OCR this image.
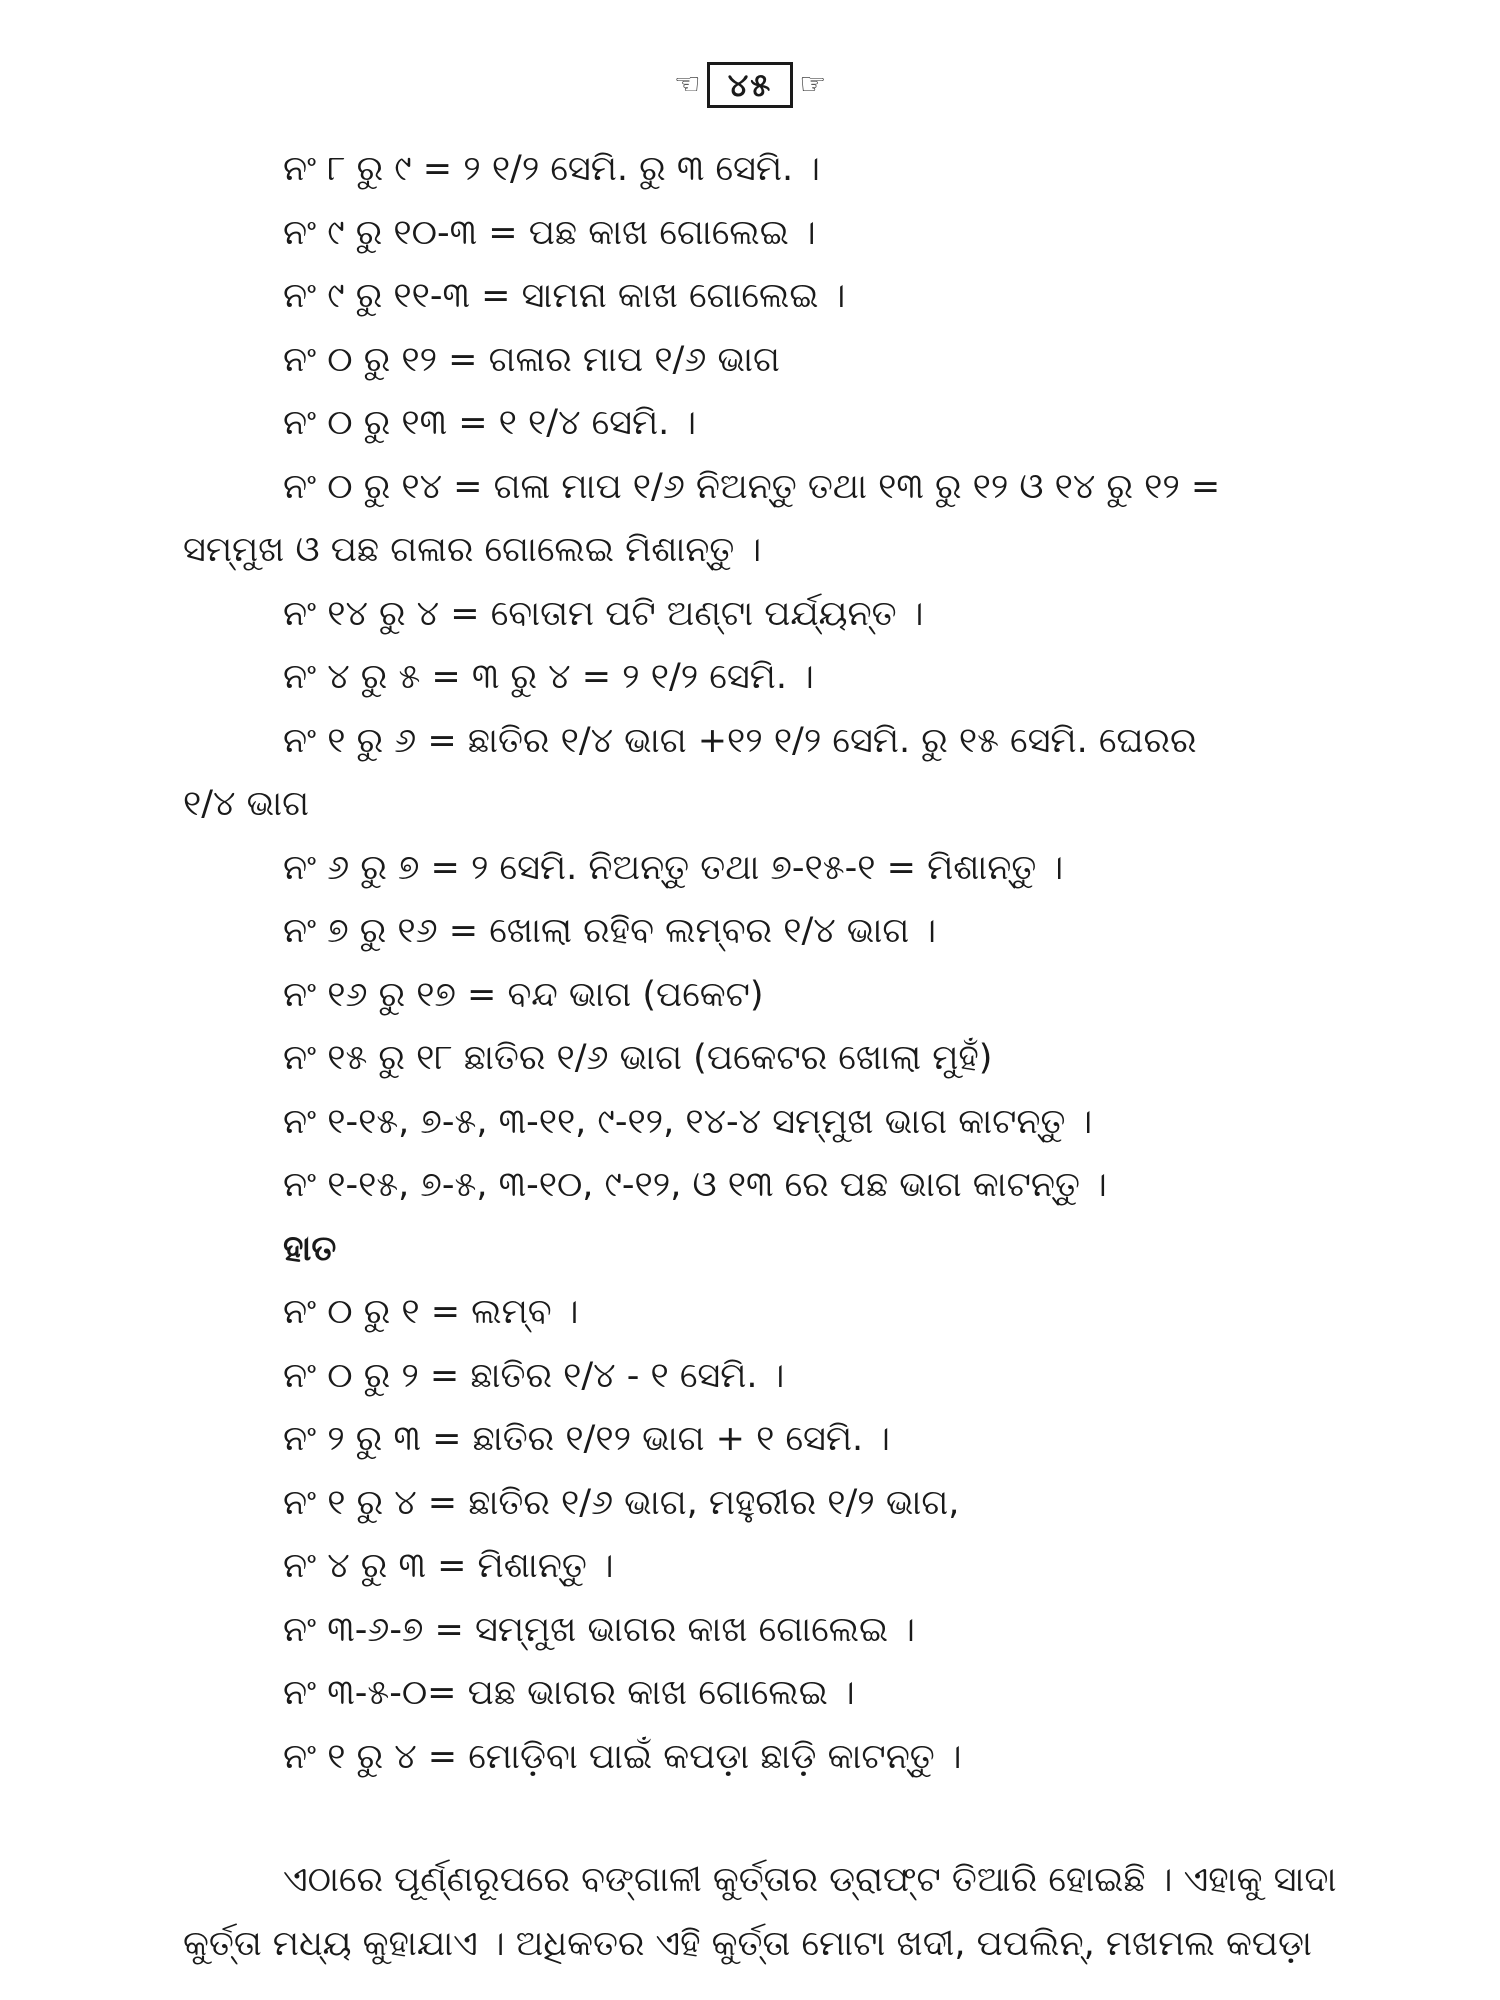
☜ ୪୫ ☞
ନଂ ୮ ରୁ ୯ = ୨ ୧/୨ ସେମି. ରୁ ୩ ସେମି. ।
ନଂ ୯ ରୁ ୧୦-୩ = ପଛ କାଖ ଗୋଲେଇ ।
ନଂ ୯ ରୁ ୧୧-୩ = ସାମନା କାଖ ଗୋଲେଇ ।
ନଂ ୦ ରୁ ୧୨ = ଗଳାର ମାପ ୧/୬ ଭାଗ
ନଂ ୦ ରୁ ୧୩ = ୧ ୧/୪ ସେମି. ।
ନଂ ୦ ରୁ ୧୪ = ଗଳା ମାପ ୧/୬ ନିଅନ୍ତୁ ତଥା ୧୩ ରୁ ୧୨ ଓ ୧୪ ରୁ ୧୨ =
ସମ୍ମୁଖ ଓ ପଛ ଗଳାର ଗୋଲେଇ ମିଶାନ୍ତୁ ।
ନଂ ୧୪ ରୁ ୪ = ବୋତାମ ପଟି ଅଣ୍ଟା ପର୍ଯ୍ୟନ୍ତ ।
ନଂ ୪ ରୁ ୫ = ୩ ରୁ ୪ = ୨ ୧/୨ ସେମି. ।
ନଂ ୧ ରୁ ୬ = ଛାତିର ୧/୪ ଭାଗ +୧୨ ୧/୨ ସେମି. ରୁ ୧୫ ସେମି. ଘେରର
୧/୪ ଭାଗ
ନଂ ୬ ରୁ ୭ = ୨ ସେମି. ନିଅନ୍ତୁ ତଥା ୭-୧୫-୧ = ମିଶାନ୍ତୁ ।
ନଂ ୭ ରୁ ୧୬ = ଖୋଲା ରହିବ ଲମ୍ବର ୧/୪ ଭାଗ ।
ନଂ ୧୬ ରୁ ୧୭ = ବନ୍ଦ ଭାଗ (ପକେଟ)
ନଂ ୧୫ ରୁ ୧୮ ଛାତିର ୧/୬ ଭାଗ (ପକେଟର ଖୋଲା ମୁହଁ)
ନଂ ୧-୧୫, ୭-୫, ୩-୧୧, ୯-୧୨, ୧୪-୪ ସମ୍ମୁଖ ଭାଗ କାଟନ୍ତୁ ।
ନଂ ୧-୧୫, ୭-୫, ୩-୧୦, ୯-୧୨, ଓ ୧୩ ରେ ପଛ ଭାଗ କାଟନ୍ତୁ ।
ହାତ
ନଂ ୦ ରୁ ୧ = ଲମ୍ବ ।
ନଂ ୦ ରୁ ୨ = ଛାତିର ୧/୪ - ୧ ସେମି. ।
ନଂ ୨ ରୁ ୩ = ଛାତିର ୧/୧୨ ଭାଗ + ୧ ସେମି. ।
ନଂ ୧ ରୁ ୪ = ଛାତିର ୧/୬ ଭାଗ, ମହୁରୀର ୧/୨ ଭାଗ,
ନଂ ୪ ରୁ ୩ = ମିଶାନ୍ତୁ ।
ନଂ ୩-୬-୭ = ସମ୍ମୁଖ ଭାଗର କାଖ ଗୋଲେଇ ।
ନଂ ୩-୫-୦= ପଛ ଭାଗର କାଖ ଗୋଲେଇ ।
ନଂ ୧ ରୁ ୪ = ମୋଡ଼ିବା ପାଇଁ କପଡ଼ା ଛାଡ଼ି କାଟନ୍ତୁ ।
ଏଠାରେ ପୂର୍ଣ୍ଣରୂପରେ ବଙ୍ଗାଳୀ କୁର୍ତ୍ତାର ଡ୍ରାଫ୍ଟ ତିଆରି ହୋଇଛି । ଏହାକୁ ସାଦା
କୁର୍ତ୍ତା ମଧ୍ୟ କୁହାଯାଏ । ଅଧିକତର ଏହି କୁର୍ତ୍ତା ମୋଟା ଖଦୀ, ପପଲିନ୍, ମଖମଲ କପଡ଼ା
